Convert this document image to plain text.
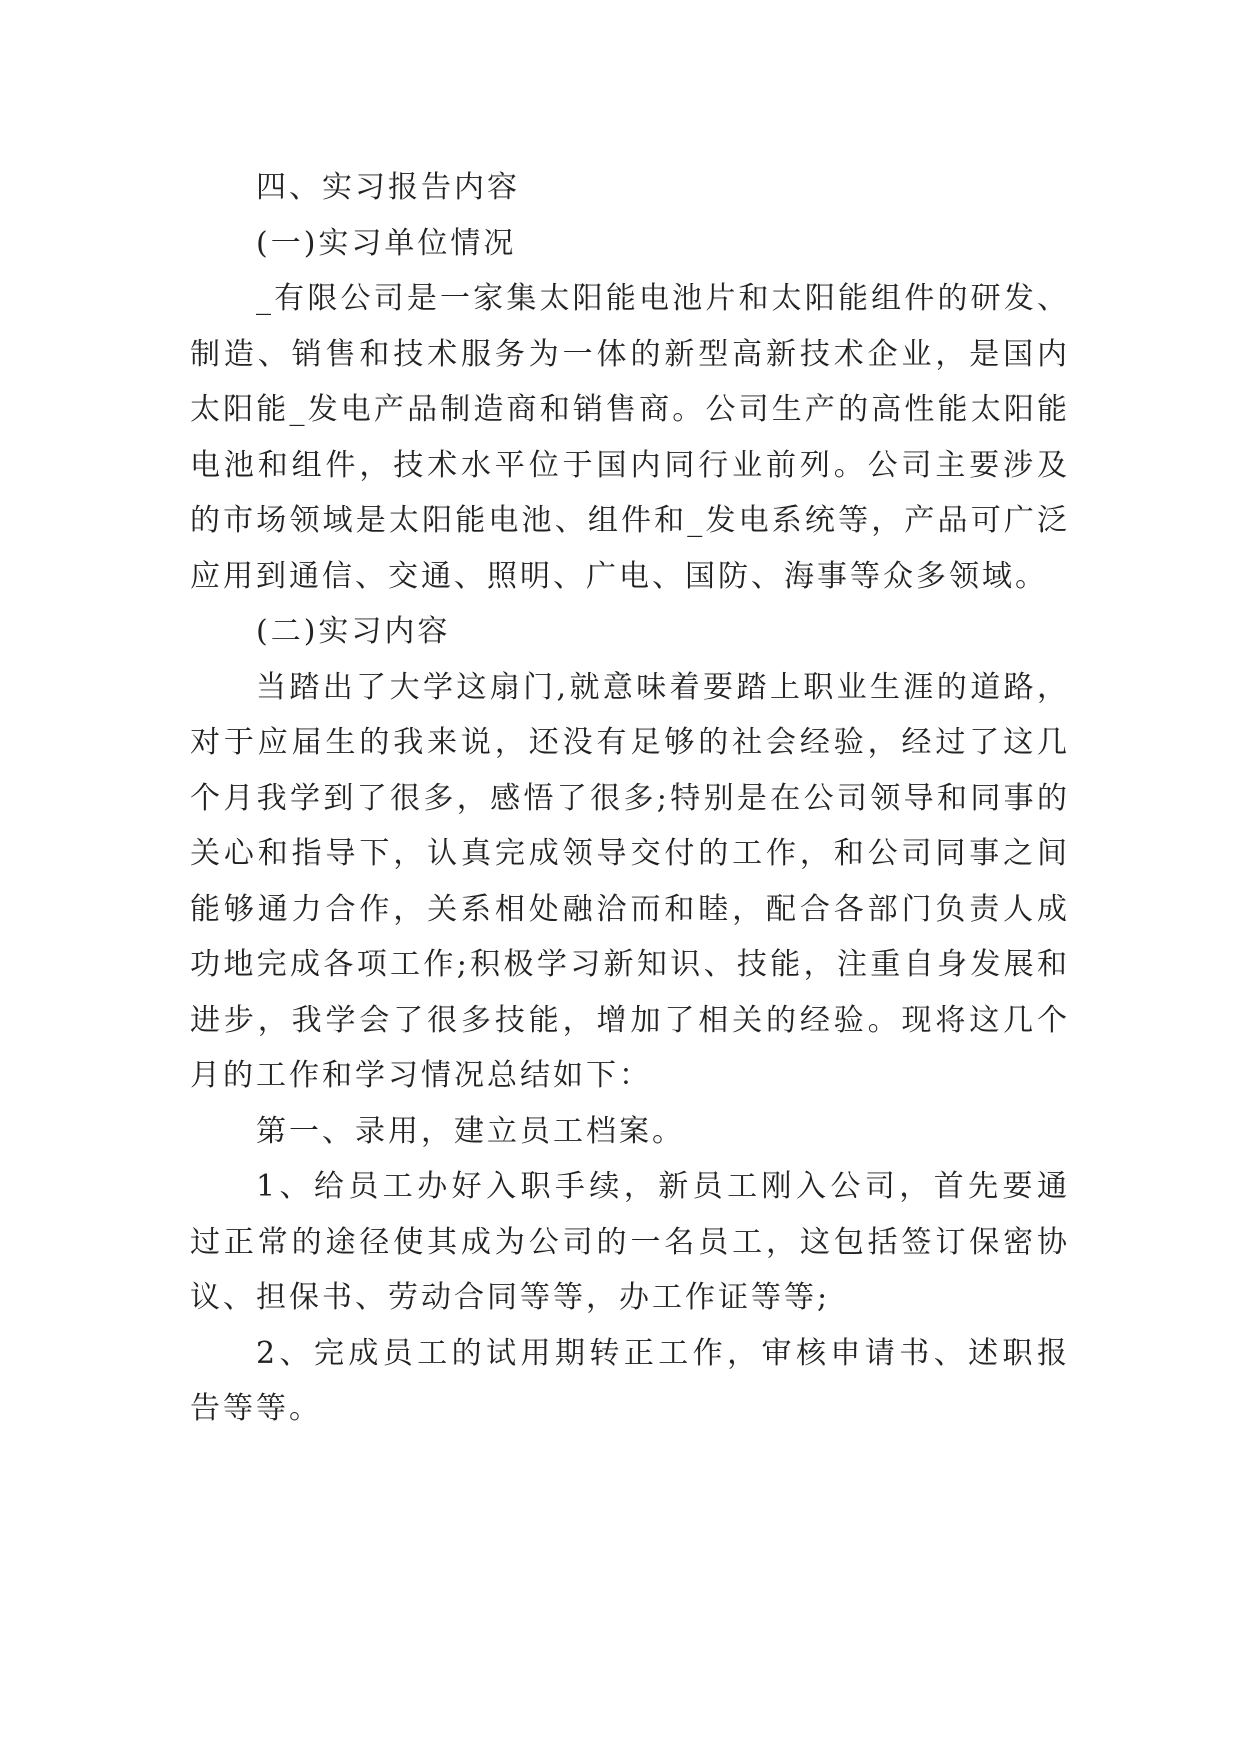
四、实习报告内容

(一)实习单位情况

_有限公司是一家集太阳能电池片和太阳能组件的研发、制造、销售和技术服务为一体的新型高新技术企业，是国内太阳能_发电产品制造商和销售商。公司生产的高性能太阳能电池和组件，技术水平位于国内同行业前列。公司主要涉及的市场领域是太阳能电池、组件和_发电系统等，产品可广泛应用到通信、交通、照明、广电、国防、海事等众多领域。

(二)实习内容

当踏出了大学这扇门,就意味着要踏上职业生涯的道路，对于应届生的我来说，还没有足够的社会经验，经过了这几个月我学到了很多，感悟了很多;特别是在公司领导和同事的关心和指导下，认真完成领导交付的工作，和公司同事之间能够通力合作，关系相处融洽而和睦，配合各部门负责人成功地完成各项工作;积极学习新知识、技能，注重自身发展和进步，我学会了很多技能，增加了相关的经验。现将这几个月的工作和学习情况总结如下：

第一、录用，建立员工档案。

1、给员工办好入职手续，新员工刚入公司，首先要通过正常的途径使其成为公司的一名员工，这包括签订保密协议、担保书、劳动合同等等，办工作证等等;

2、完成员工的试用期转正工作，审核申请书、述职报告等等。
